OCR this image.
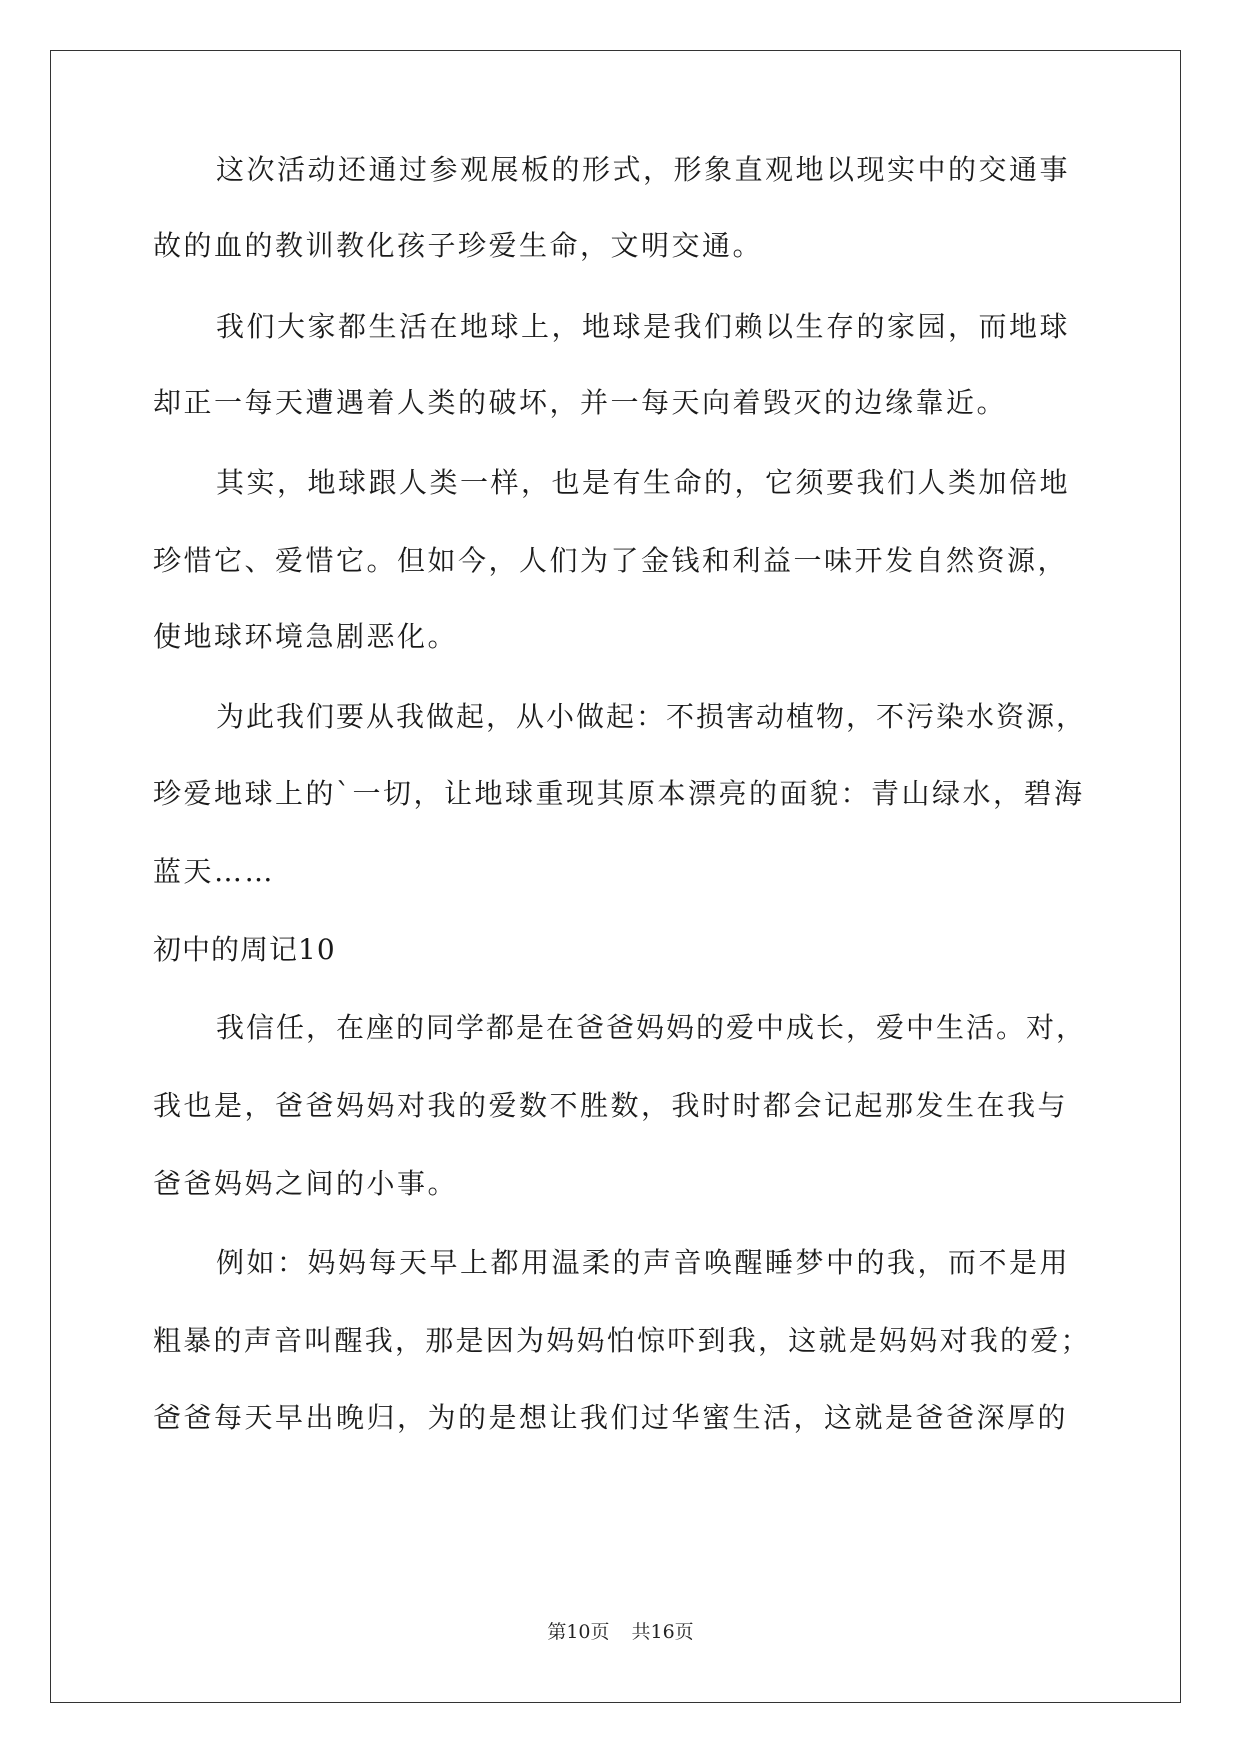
这次活动还通过参观展板的形式，形象直观地以现实中的交通事

故的血的教训教化孩子珍爱生命，文明交通。

我们大家都生活在地球上，地球是我们赖以生存的家园，而地球

却正一每天遭遇着人类的破坏，并一每天向着毁灭的边缘靠近。

其实，地球跟人类一样，也是有生命的，它须要我们人类加倍地

珍惜它、爱惜它。但如今，人们为了金钱和利益一味开发自然资源，

使地球环境急剧恶化。

为此我们要从我做起，从小做起：不损害动植物，不污染水资源，

珍爱地球上的`一切，让地球重现其原本漂亮的面貌：青山绿水，碧海

蓝天……

初中的周记10

我信任，在座的同学都是在爸爸妈妈的爱中成长，爱中生活。对，

我也是，爸爸妈妈对我的爱数不胜数，我时时都会记起那发生在我与

爸爸妈妈之间的小事。

例如：妈妈每天早上都用温柔的声音唤醒睡梦中的我，而不是用

粗暴的声音叫醒我，那是因为妈妈怕惊吓到我，这就是妈妈对我的爱；

爸爸每天早出晚归，为的是想让我们过华蜜生活，这就是爸爸深厚的

第10页 共16页
